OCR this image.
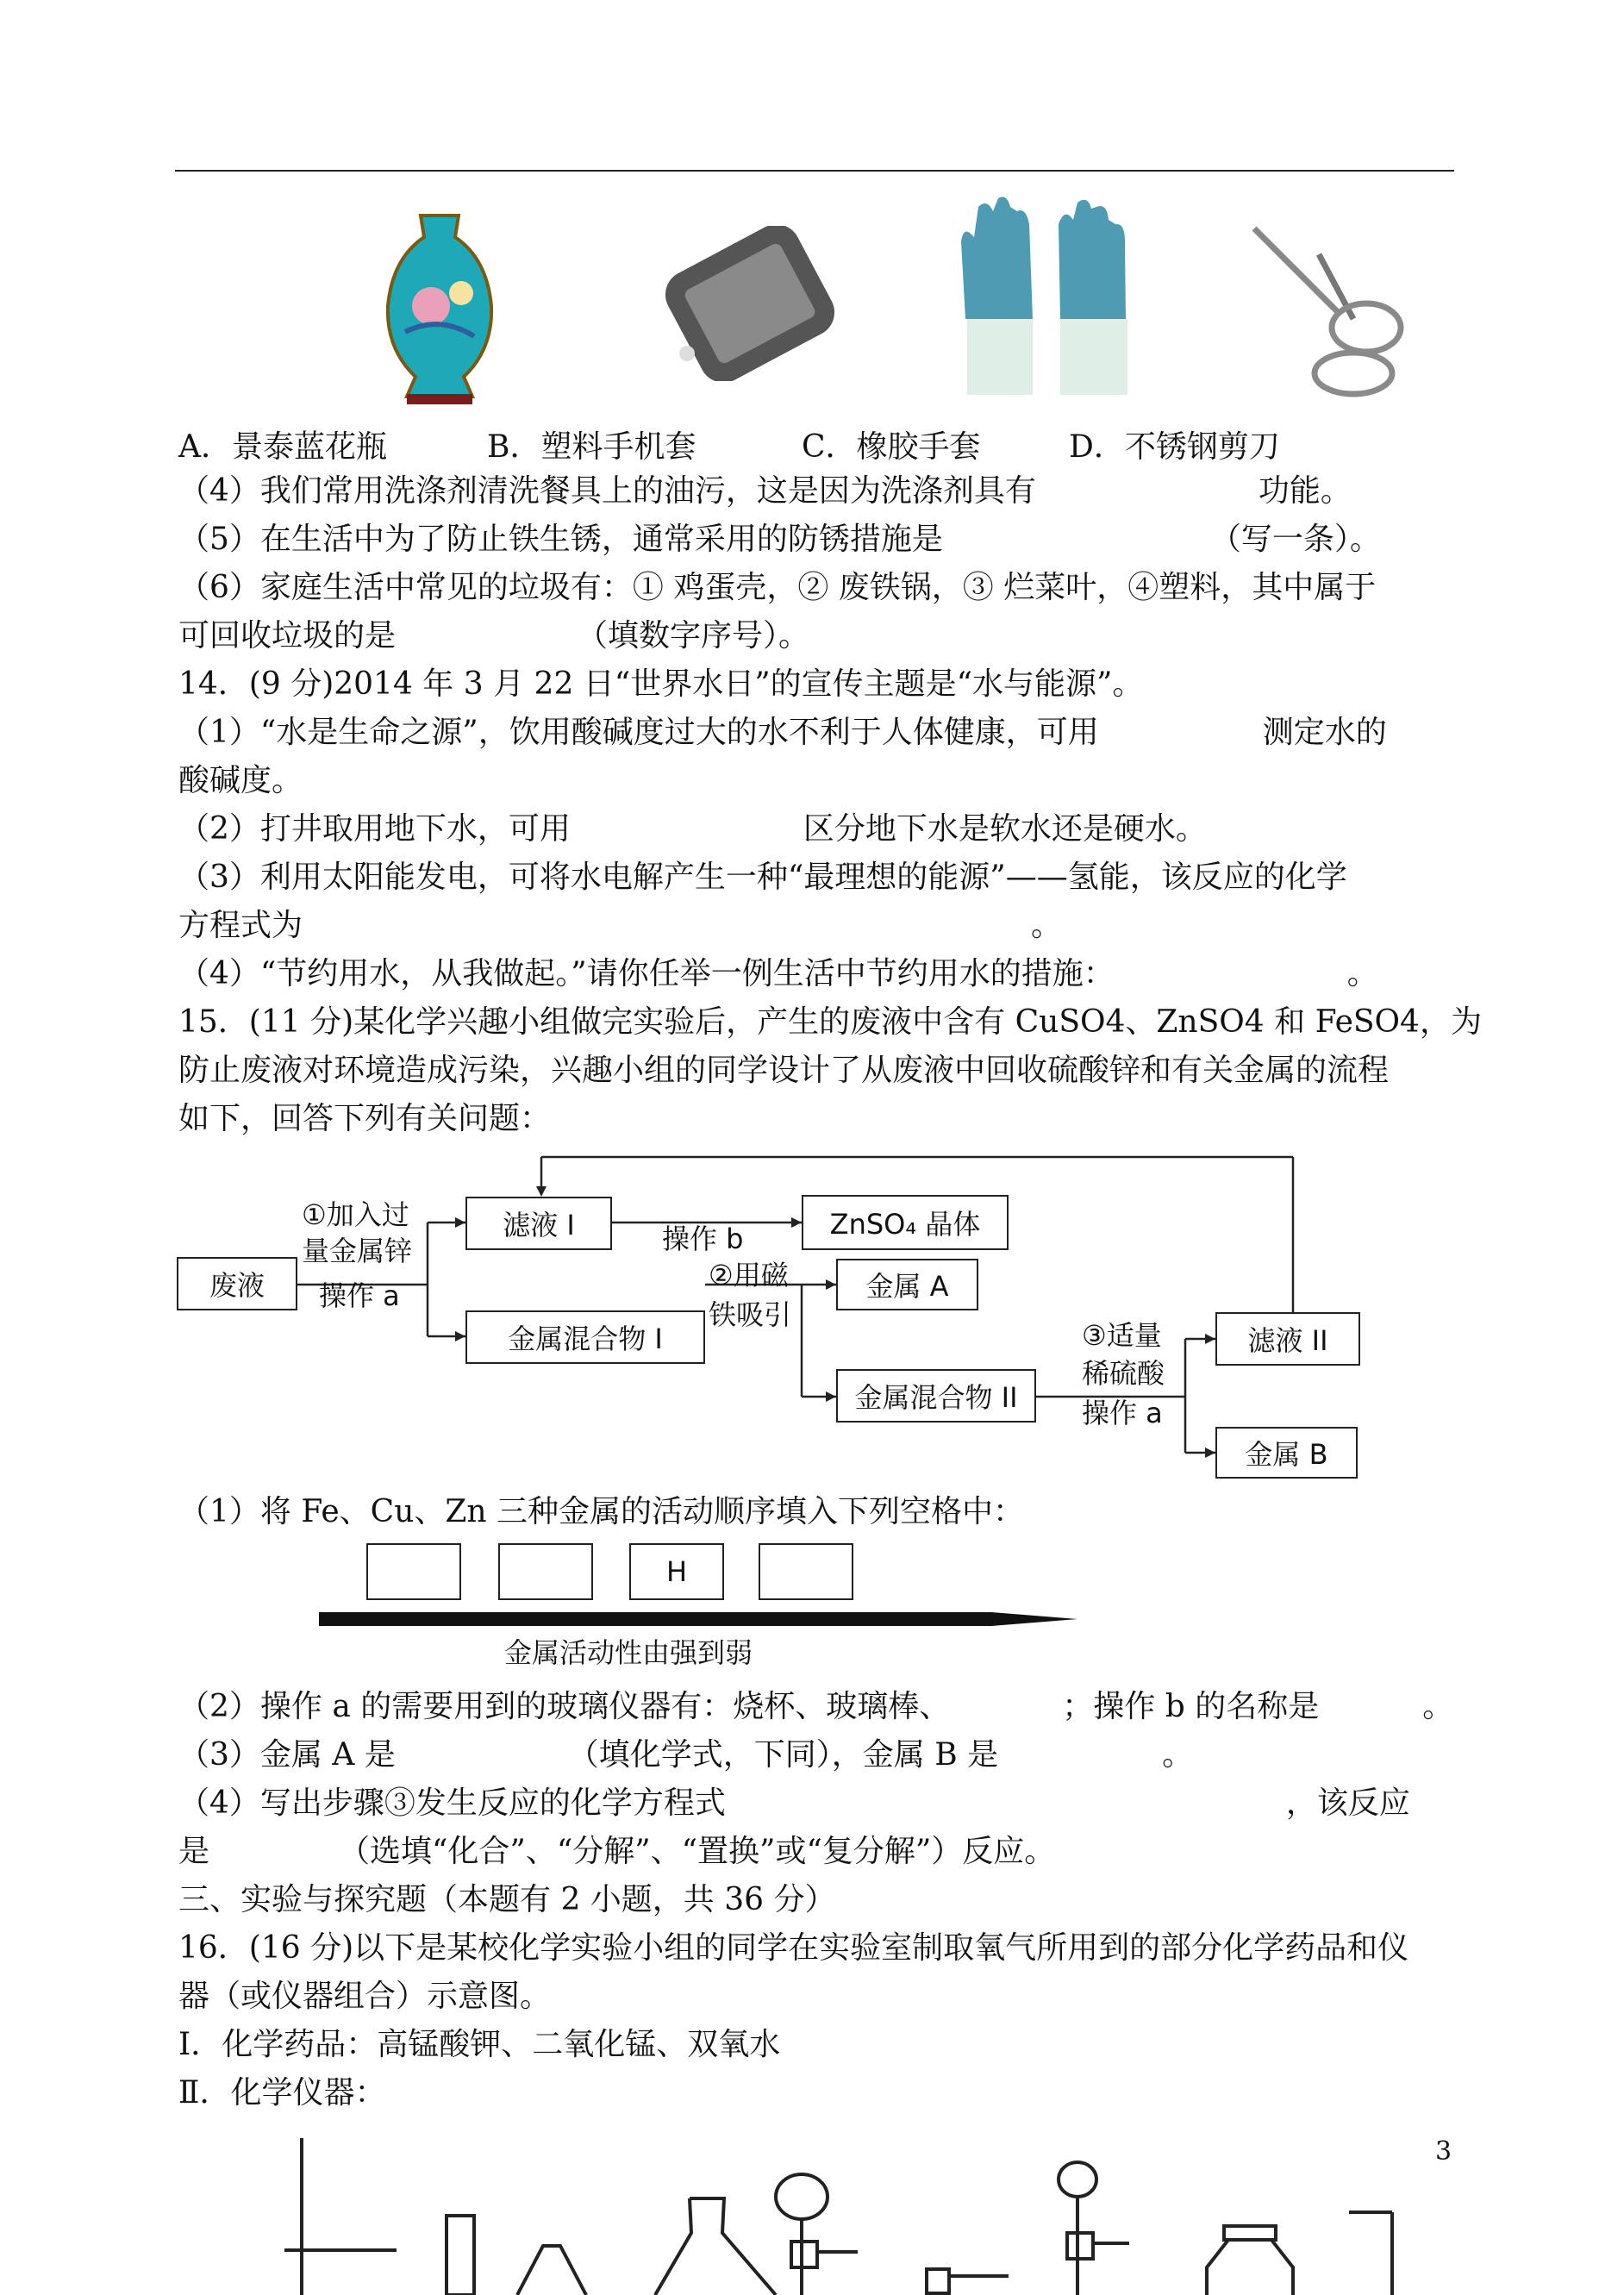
A．景泰蓝花瓶	B．塑料手机套	C．橡胶手套	D．不锈钢剪刀
（4）我们常用洗涤剂清洗餐具上的油污，这是因为洗涤剂具有	功能。
（5）在生活中为了防止铁生锈，通常采用的防锈措施是	（写一条）。
（6）家庭生活中常见的垃圾有：① 鸡蛋壳，② 废铁锅，③ 烂菜叶，④塑料，其中属于
可回收垃圾的是	（填数字序号）。
14．(9 分)2014 年 3 月 22 日“世界水日”的宣传主题是“水与能源”。
（1）“水是生命之源”，饮用酸碱度过大的水不利于人体健康，可用	测定水的
酸碱度。
（2）打井取用地下水，可用	区分地下水是软水还是硬水。
（3）利用太阳能发电，可将水电解产生一种“最理想的能源”——氢能，该反应的化学
方程式为	。
（4）“节约用水，从我做起。”请你任举一例生活中节约用水的措施：	。
15．(11 分)某化学兴趣小组做完实验后，产生的废液中含有 CuSO4、ZnSO4 和 FeSO4，为
防止废液对环境造成污染，兴趣小组的同学设计了从废液中回收硫酸锌和有关金属的流程
如下，回答下列有关问题：
废液
①加入过
量金属锌
操作 a
滤液 I	操作 b	ZnSO₄ 晶体
金属混合物 I
②用磁
铁吸引
金属 A
金属混合物 II
③适量
稀硫酸
操作 a
滤液 II
金属 B
（1）将 Fe、Cu、Zn 三种金属的活动顺序填入下列空格中：
H
金属活动性由强到弱
（2）操作 a 的需要用到的玻璃仪器有：烧杯、玻璃棒、	；操作 b 的名称是	。
（3）金属 A 是	（填化学式，下同），金属 B 是	。
（4）写出步骤③发生反应的化学方程式	，该反应
是	（选填“化合”、“分解”、“置换”或“复分解”）反应。
三、实验与探究题（本题有 2 小题，共 36 分）
16．(16 分)以下是某校化学实验小组的同学在实验室制取氧气所用到的部分化学药品和仪
器（或仪器组合）示意图。
Ⅰ．化学药品：高锰酸钾、二氧化锰、双氧水
Ⅱ．化学仪器：
3
